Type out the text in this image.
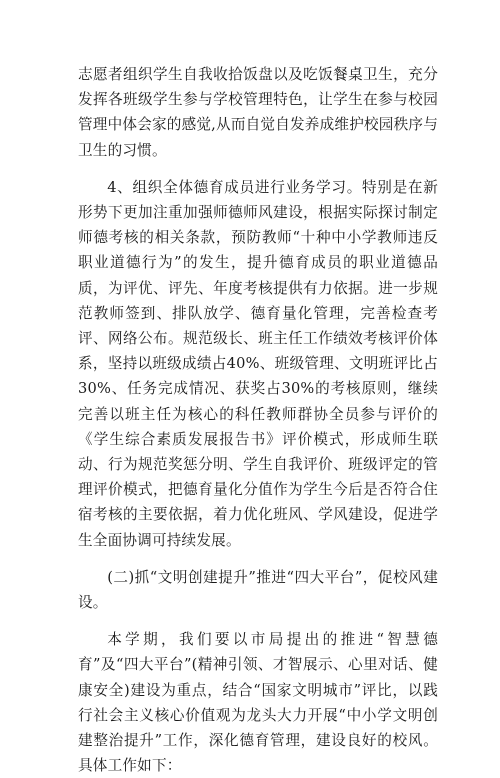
志愿者组织学生自我收拾饭盘以及吃饭餐桌卫生，充分发挥各班级学生参与学校管理特色，让学生在参与校园管理中体会家的感觉,从而自觉自发养成维护校园秩序与卫生的习惯。

4、组织全体德育成员进行业务学习。特别是在新形势下更加注重加强师德师风建设，根据实际探讨制定师德考核的相关条款，预防教师“十种中小学教师违反职业道德行为”的发生，提升德育成员的职业道德品质，为评优、评先、年度考核提供有力依据。进一步规范教师签到、排队放学、德育量化管理，完善检查考评、网络公布。规范级长、班主任工作绩效考核评价体系，坚持以班级成绩占40%、班级管理、文明班评比占30%、任务完成情况、获奖占30%的考核原则，继续完善以班主任为核心的科任教师群协全员参与评价的《学生综合素质发展报告书》评价模式，形成师生联动、行为规范奖惩分明、学生自我评价、班级评定的管理评价模式，把德育量化分值作为学生今后是否符合住宿考核的主要依据，着力优化班风、学风建设，促进学生全面协调可持续发展。

(二)抓“文明创建提升”推进“四大平台”，促校风建设。

本学期，我们要以市局提出的推进“智慧德育”及“四大平台”(精神引领、才智展示、心里对话、健康安全)建设为重点，结合“国家文明城市”评比，以践行社会主义核心价值观为龙头大力开展“中小学文明创建整治提升”工作，深化德育管理，建设良好的校风。具体工作如下：
